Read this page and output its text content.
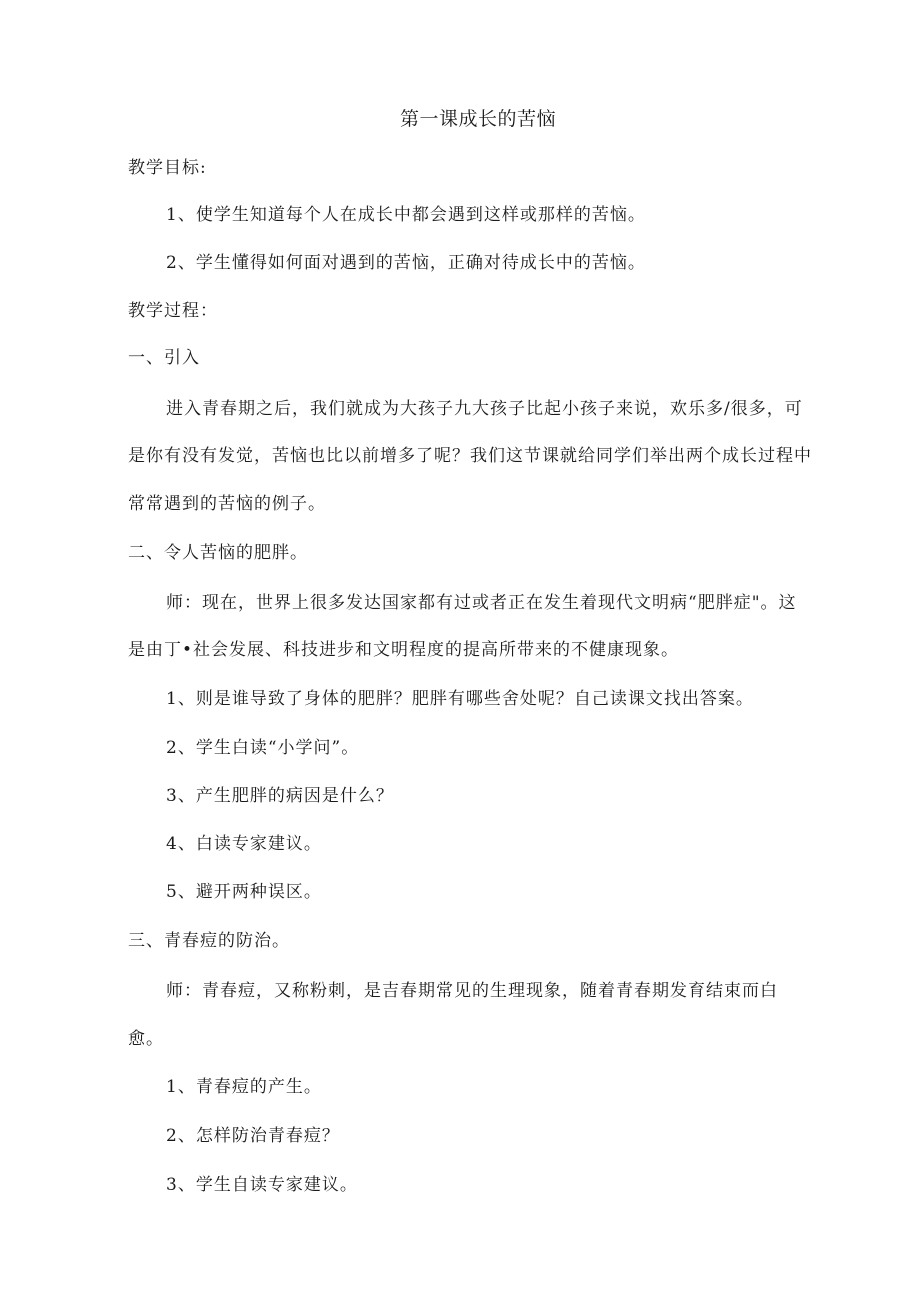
第一课成长的苦恼
教学目标:
1、使学生知道每个人在成长中都会遇到这样或那样的苦恼。
2、学生懂得如何面对遇到的苦恼，正确对待成长中的苦恼。
教学过程：
一、引入
进入青春期之后，我们就成为大孩子九大孩子比起小孩子来说，欢乐多/很多，可
是你有没有发觉，苦恼也比以前增多了呢？我们这节课就给同学们举出两个成长过程中
常常遇到的苦恼的例子。
二、令人苦恼的肥胖。
师：现在，世界上很多发达国家都有过或者正在发生着现代文明病“肥胖症"。这
是由丁•社会发展、科技进步和文明程度的提高所带来的不健康现象。
1、则是谁导致了身体的肥胖？肥胖有哪些舍处呢？自己读课文找出答案。
2、学生白读“小学问”。
3、产生肥胖的病因是什么？
4、白读专家建议。
5、避开两种误区。
三、青春痘的防治。
师：青春痘，又称粉刺，是吉春期常见的生理现象，随着青春期发育结束而白
愈。
1、青春痘的产生。
2、怎样防治青春痘？
3、学生自读专家建议。
